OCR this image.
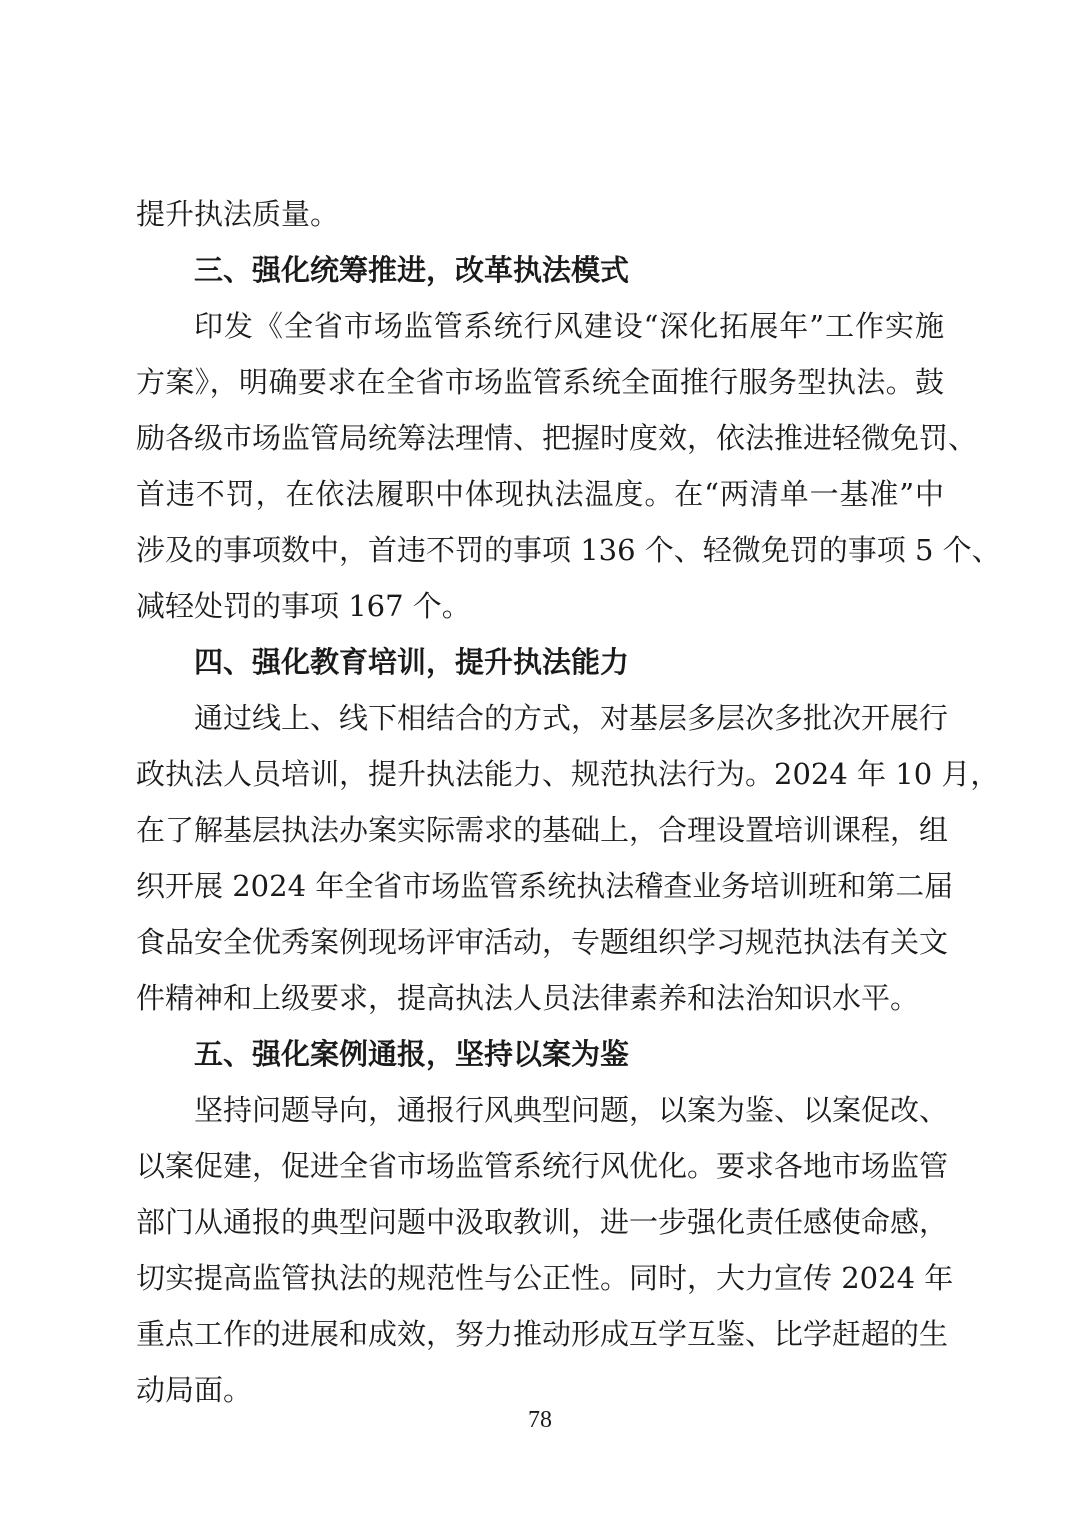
提升执法质量。

三、强化统筹推进，改革执法模式

印发《全省市场监管系统行风建设“深化拓展年”工作实施

方案》，明确要求在全省市场监管系统全面推行服务型执法。鼓

励各级市场监管局统筹法理情、把握时度效，依法推进轻微免罚、

首违不罚，在依法履职中体现执法温度。在“两清单一基准”中

涉及的事项数中，首违不罚的事项 136 个、轻微免罚的事项 5 个、

减轻处罚的事项 167 个。

四、强化教育培训，提升执法能力

通过线上、线下相结合的方式，对基层多层次多批次开展行

政执法人员培训，提升执法能力、规范执法行为。2024 年 10 月，

在了解基层执法办案实际需求的基础上，合理设置培训课程，组

织开展 2024 年全省市场监管系统执法稽查业务培训班和第二届

食品安全优秀案例现场评审活动，专题组织学习规范执法有关文

件精神和上级要求，提高执法人员法律素养和法治知识水平。

五、强化案例通报，坚持以案为鉴

坚持问题导向，通报行风典型问题，以案为鉴、以案促改、

以案促建，促进全省市场监管系统行风优化。要求各地市场监管

部门从通报的典型问题中汲取教训，进一步强化责任感使命感，

切实提高监管执法的规范性与公正性。同时，大力宣传 2024 年

重点工作的进展和成效，努力推动形成互学互鉴、比学赶超的生

动局面。

78
